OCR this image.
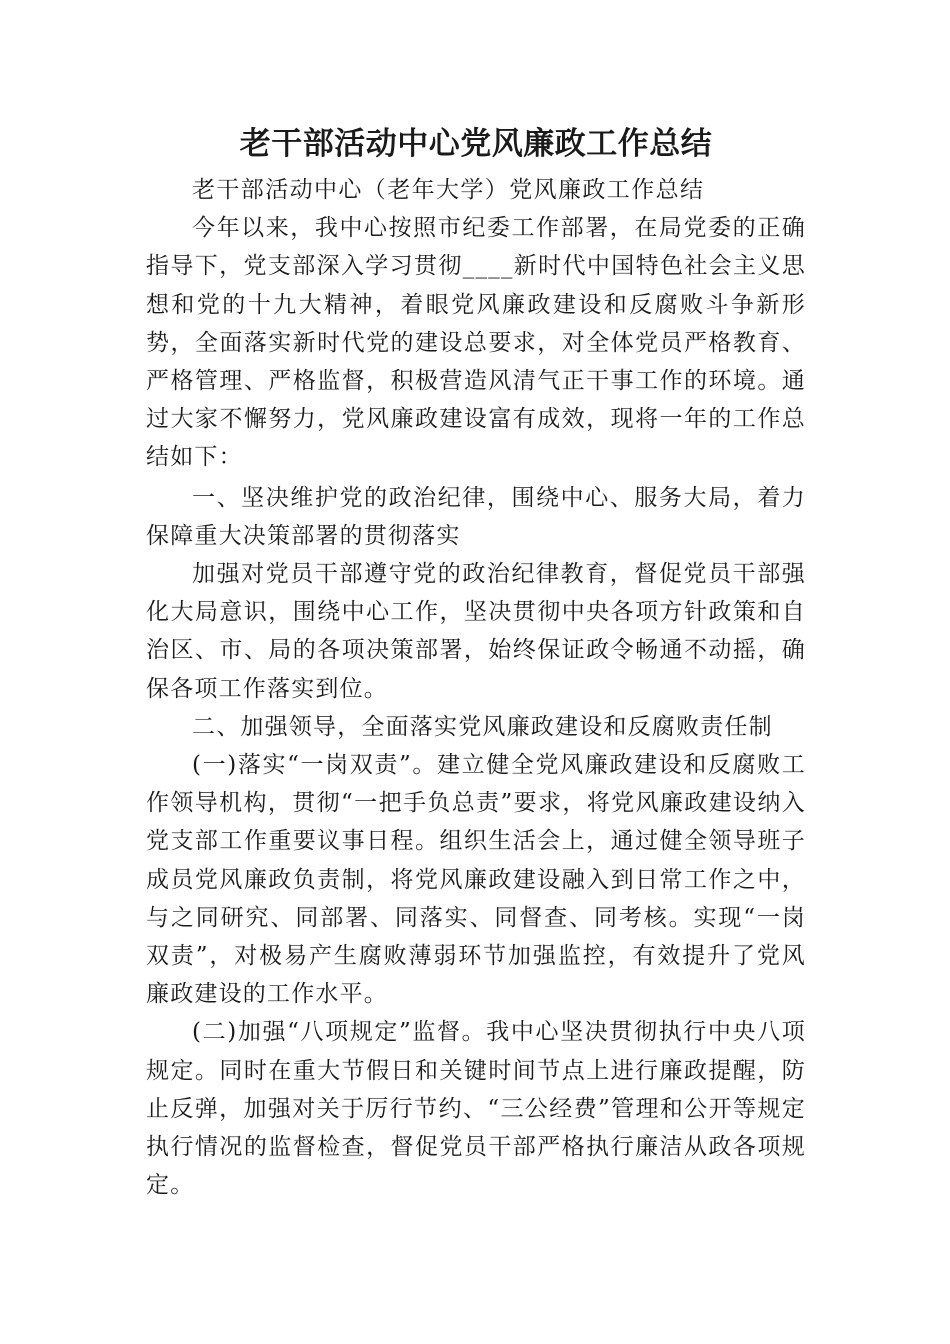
老干部活动中心党风廉政工作总结

老干部活动中心（老年大学）党风廉政工作总结

今年以来，我中心按照市纪委工作部署，在局党委的正确指导下，党支部深入学习贯彻____新时代中国特色社会主义思想和党的十九大精神，着眼党风廉政建设和反腐败斗争新形势，全面落实新时代党的建设总要求，对全体党员严格教育、严格管理、严格监督，积极营造风清气正干事工作的环境。通过大家不懈努力，党风廉政建设富有成效，现将一年的工作总结如下：

一、坚决维护党的政治纪律，围绕中心、服务大局，着力保障重大决策部署的贯彻落实

加强对党员干部遵守党的政治纪律教育，督促党员干部强化大局意识，围绕中心工作，坚决贯彻中央各项方针政策和自治区、市、局的各项决策部署，始终保证政令畅通不动摇，确保各项工作落实到位。

二、加强领导，全面落实党风廉政建设和反腐败责任制

(一)落实“一岗双责”。建立健全党风廉政建设和反腐败工作领导机构，贯彻“一把手负总责”要求，将党风廉政建设纳入党支部工作重要议事日程。组织生活会上，通过健全领导班子成员党风廉政负责制，将党风廉政建设融入到日常工作之中，与之同研究、同部署、同落实、同督查、同考核。实现“一岗双责”，对极易产生腐败薄弱环节加强监控，有效提升了党风廉政建设的工作水平。

(二)加强“八项规定”监督。我中心坚决贯彻执行中央八项规定。同时在重大节假日和关键时间节点上进行廉政提醒，防止反弹，加强对关于厉行节约、“三公经费”管理和公开等规定执行情况的监督检查，督促党员干部严格执行廉洁从政各项规定。
